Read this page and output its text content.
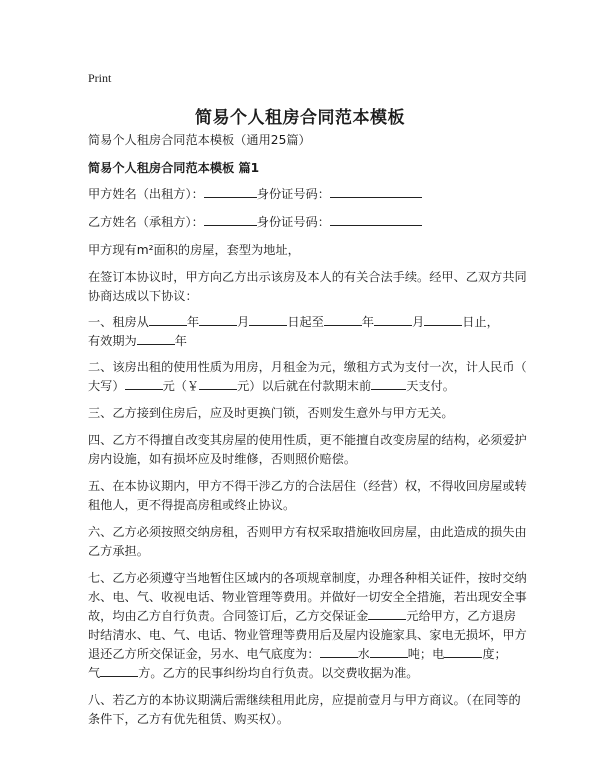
Print
简易个人租房合同范本模板
简易个人租房合同范本模板（通用25篇）
简易个人租房合同范本模板 篇1
甲方姓名（出租方）：	身份证号码：
乙方姓名（承租方）：	身份证号码：
甲方现有m²面积的房屋，套型为地址，
在签订本协议时，甲方向乙方出示该房及本人的有关合法手续。经甲、乙双方共同
协商达成以下协议：
一、租房从	年	月	日起至	年	月	日止，
有效期为	年
二、该房出租的使用性质为用房，月租金为元，缴租方式为支付一次，计人民币（
大写）	元（￥	元）以后就在付款期末前	天支付。
三、乙方接到住房后，应及时更换门锁，否则发生意外与甲方无关。
四、乙方不得擅自改变其房屋的使用性质，更不能擅自改变房屋的结构，必须爱护
房内设施，如有损坏应及时维修，否则照价赔偿。
五、在本协议期内，甲方不得干涉乙方的合法居住（经营）权，不得收回房屋或转
租他人，更不得提高房租或终止协议。
六、乙方必须按照交纳房租，否则甲方有权采取措施收回房屋，由此造成的损失由
乙方承担。
七、乙方必须遵守当地暂住区域内的各项规章制度，办理各种相关证件，按时交纳
水、电、气、收视电话、物业管理等费用。并做好一切安全全措施，若出现安全事
故，均由乙方自行负责。合同签订后，乙方交保证金	元给甲方，乙方退房
时结清水、电、气、电话、物业管理等费用后及屋内设施家具、家电无损坏，甲方
退还乙方所交保证金，另水、电气底度为：	水	吨；电	度；
气	方。乙方的民事纠纷均自行负责。以交费收据为准。
八、若乙方的本协议期满后需继续租用此房，应提前壹月与甲方商议。（在同等的
条件下，乙方有优先租赁、购买权）。
